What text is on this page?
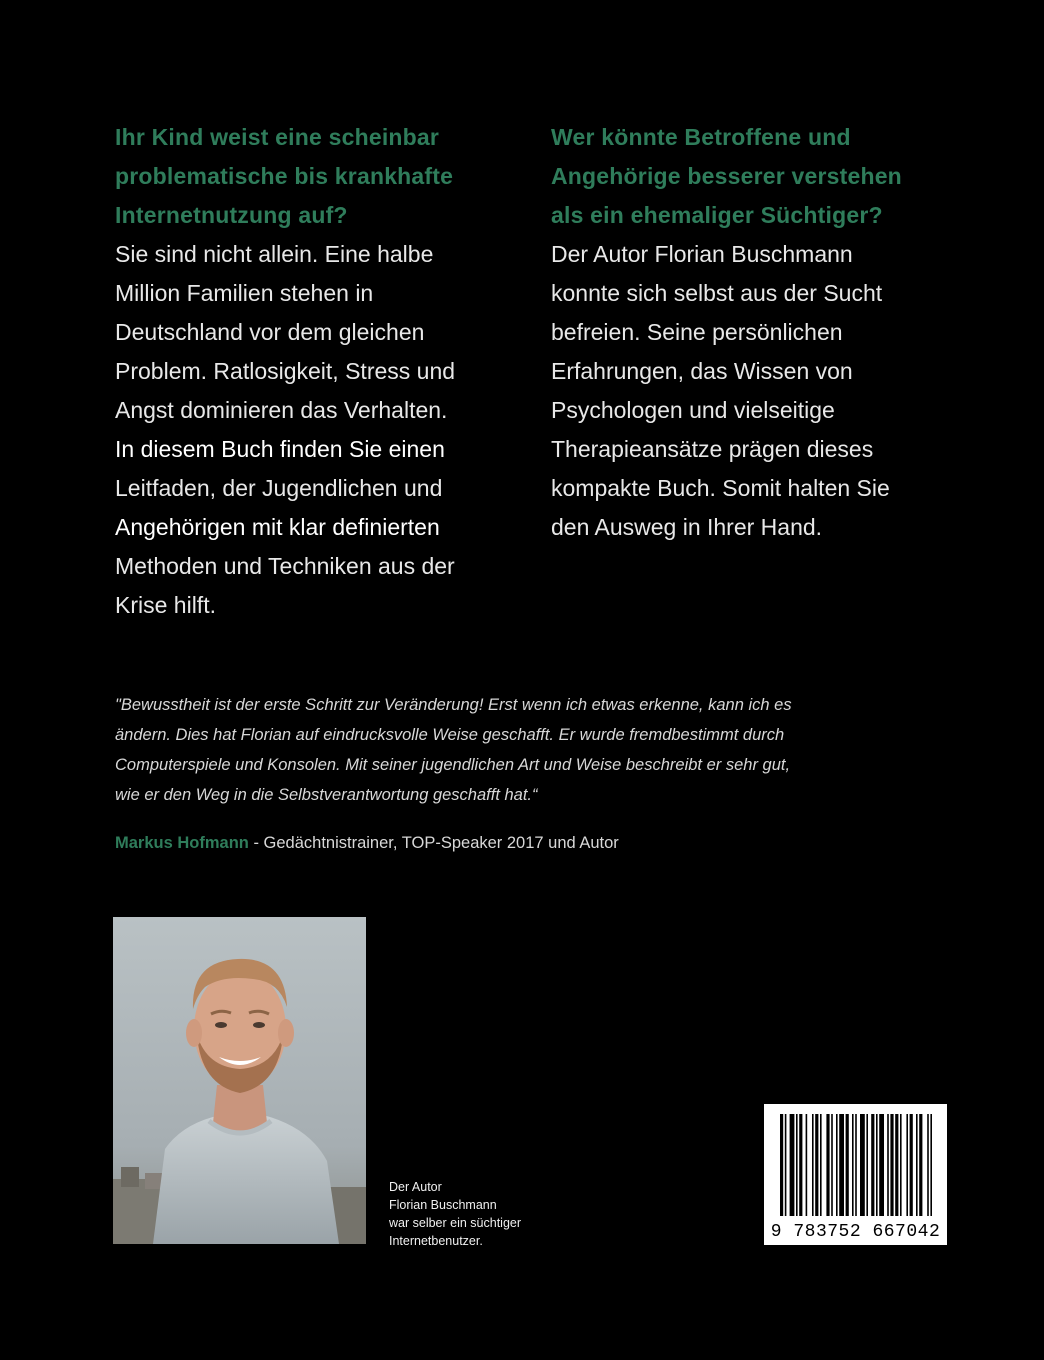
Ihr Kind weist eine scheinbar
problematische bis krankhafte
Internetnutzung auf?

Sie sind nicht allein. Eine halbe
Million Familien stehen in
Deutschland vor dem gleichen
Problem. Ratlosigkeit, Stress und
Angst dominieren das Verhalten.
In diesem Buch finden Sie einen
Leitfaden, der Jugendlichen und
Angehörigen mit klar definierten
Methoden und Techniken aus der
Krise hilft.

Wer könnte Betroffene und
Angehörige besserer verstehen
als ein ehemaliger Süchtiger?

Der Autor Florian Buschmann
konnte sich selbst aus der Sucht
befreien. Seine persönlichen
Erfahrungen, das Wissen von
Psychologen und vielseitige
Therapieansätze prägen dieses
kompakte Buch. Somit halten Sie
den Ausweg in Ihrer Hand.

"Bewusstheit ist der erste Schritt zur Veränderung! Erst wenn ich etwas erkenne, kann ich es
ändern. Dies hat Florian auf eindrucksvolle Weise geschafft. Er wurde fremdbestimmt durch
Computerspiele und Konsolen. Mit seiner jugendlichen Art und Weise beschreibt er sehr gut,
wie er den Weg in die Selbstverantwortung geschafft hat.“

Markus Hofmann - Gedächtnistrainer, TOP-Speaker 2017 und Autor

Der Autor
Florian Buschmann
war selber ein süchtiger
Internetbenutzer.	9 783752 667042
